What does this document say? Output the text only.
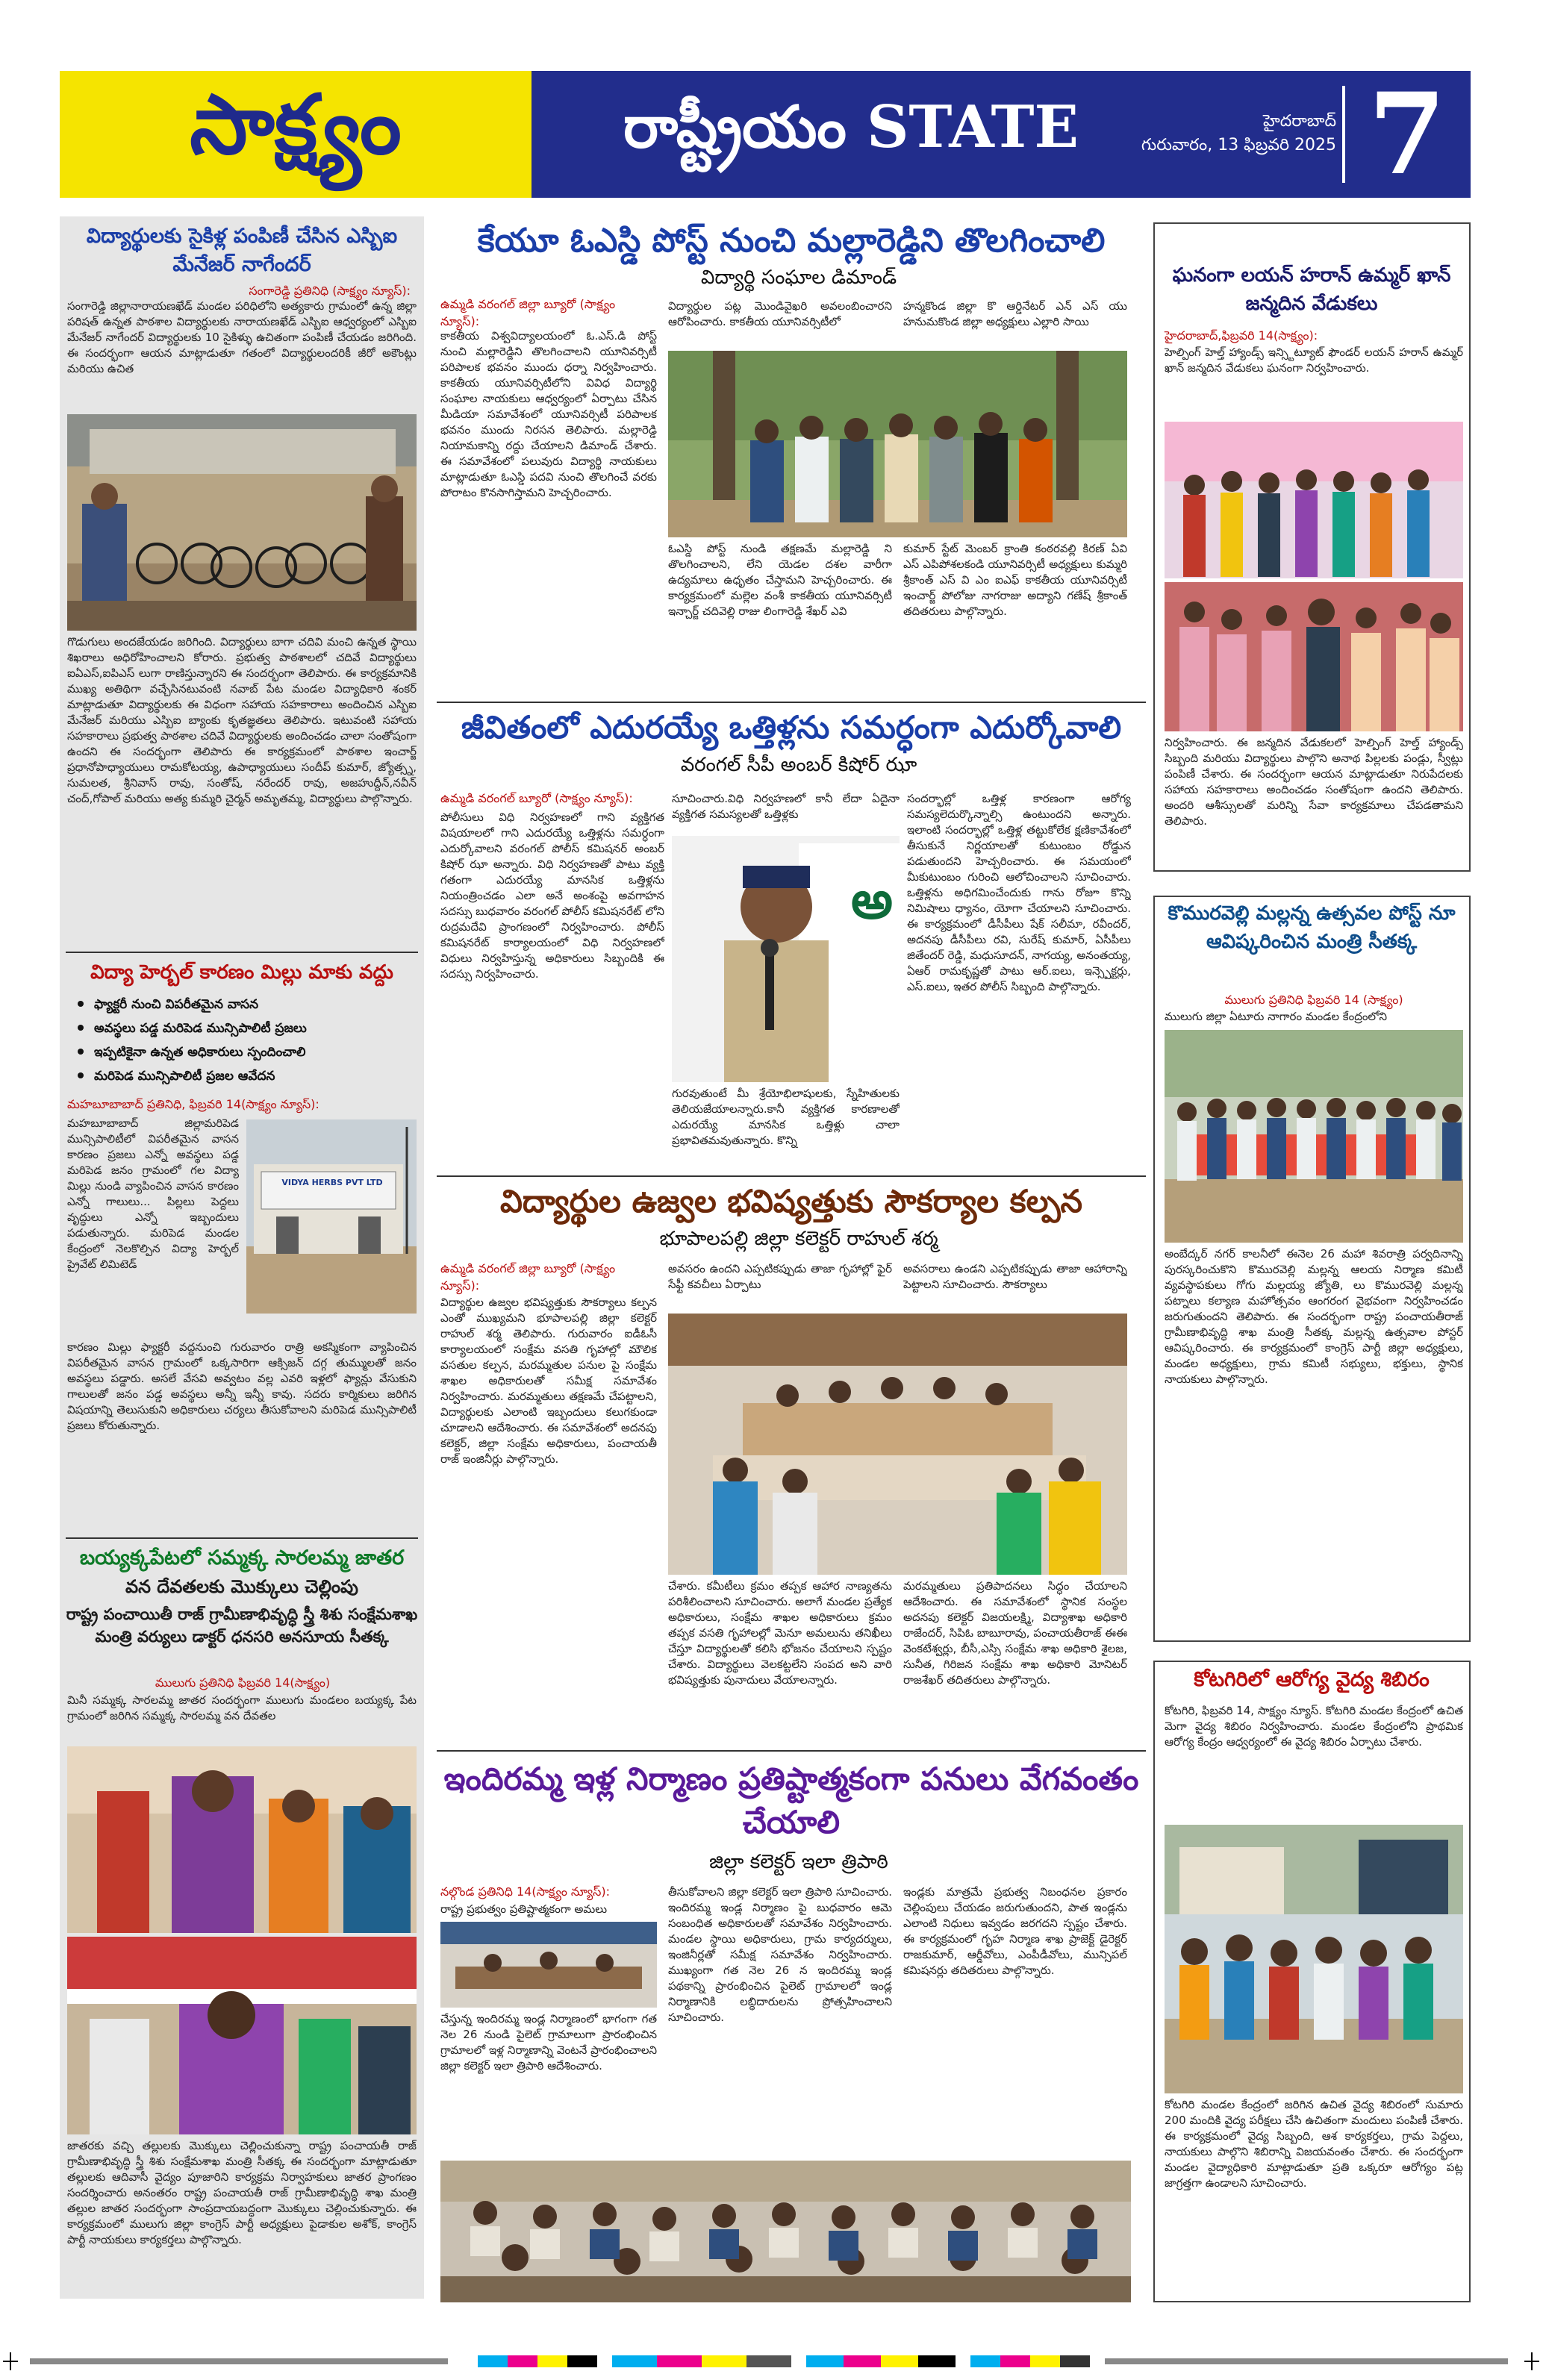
సాక్ష్యం	రాష్ట్రీయం STATE	హైదరాబాద్
గురువారం, 13 ఫిబ్రవరి 2025 7
విద్యార్థులకు సైకిళ్ల పంపిణీ చేసిన ఎస్బిఐ మేనేజర్ నాగేందర్
సంగారెడ్డి ప్రతినిధి (సాక్ష్యం న్యూస్):
సంగారెడ్డి జిల్లానారాయణఖేడ్ మండల పరిధిలోని అత్యకారు గ్రామంలో ఉన్న జిల్లా పరిషత్ ఉన్నత పాఠశాల విద్యార్థులకు నారాయణఖేడ్ ఎస్బిఐ ఆధ్వర్యంలో ఎస్బిఐ మేనేజర్ నాగేందర్ విద్యార్థులకు 10 సైకిళ్ళు ఉచితంగా పంపిణీ చేయడం జరిగింది. ఈ సందర్భంగా ఆయన మాట్లాడుతూ గతంలో విద్యార్థులందరికీ జీరో అకౌంట్లు మరియు ఉచిత
గొడుగులు అందజేయడం జరిగింది. విద్యార్థులు బాగా చదివి మంచి ఉన్నత స్థాయి శిఖరాలు అధిరోహించాలని కోరారు. ప్రభుత్వ పాఠశాలలో చదివే విద్యార్థులు ఐఏఎస్,ఐపిఎస్ లుగా రాణిస్తున్నారని ఈ సందర్భంగా తెలిపారు. ఈ కార్యక్రమానికి ముఖ్య అతిథిగా వచ్చేసినటువంటి నవాబ్ పేట మండల విద్యాధికారి శంకర్ మాట్లాడుతూ విద్యార్థులకు ఈ విధంగా సహాయ సహకారాలు అందించిన ఎస్బిఐ మేనేజర్ మరియు ఎస్బిఐ బ్యాంకు కృతజ్ఞతలు తెలిపారు. ఇటువంటి సహాయ సహకారాలు ప్రభుత్వ పాఠశాల చదివే విద్యార్థులకు అందించడం చాలా సంతోషంగా ఉందని ఈ సందర్భంగా తెలిపారు ఈ కార్యక్రమంలో పాఠశాల ఇంచార్జ్ ప్రధానోపాధ్యాయులు రామకోటయ్య, ఉపాధ్యాయులు సందీప్ కుమార్, జ్యోత్స్న, సుమలత, శ్రీనివాస్ రావు, సంతోష్, నరేందర్ రావు, అజహుద్దీన్,నవీన్ చంద్,గోపాల్ మరియు అత్య కుమ్మరి చైర్మన్ అమృతమ్మ, విద్యార్థులు పాల్గొన్నారు.
విద్యా హెర్బల్ కారణం మిల్లు మాకు వద్దు
ఫ్యాక్టరీ నుంచి విపరీతమైన వాసన
అవస్థలు పడ్డ మరిపెడ మున్సిపాలిటీ ప్రజలు
ఇప్పటికైనా ఉన్నత అధికారులు స్పందించాలి
మరిపెడ మున్సిపాలిటీ ప్రజల ఆవేదన
మహబూబాబాద్ ప్రతినిధి, ఫిబ్రవరి 14(సాక్ష్యం న్యూస్):
మహబూబాబాద్ జిల్లామరిపెడ మున్సిపాలిటీలో విపరీతమైన వాసన కారణం ప్రజలు ఎన్నో అవస్థలు పడ్డ మరిపెడ జనం గ్రామంలో గల విద్యా మిల్లు నుండి వ్యాపించిన వాసన కారణం ఎన్నో గాలులు... పిల్లలు పెద్దలు వృద్ధులు ఎన్నో ఇబ్బందులు పడుతున్నారు. మరిపెడ మండల కేంద్రంలో నెలకొల్పిన విద్యా హెర్బల్ ప్రైవేట్ లిమిటెడ్
VIDYA HERBS PVT LTD
కారణం మిల్లు ఫ్యాక్టరీ వద్దనుంచి గురువారం రాత్రి అకస్మికంగా వ్యాపించిన విపరీతమైన వాసన గ్రామంలో ఒక్కసారిగా ఆక్సిజన్ దగ్గ తుమ్ములతో జనం అవస్థలు పడ్డారు. అసలే వేసవి అవ్వటం వల్ల ఎవరి ఇళ్లలో ఫ్యాన్లు వేసుకుని గాలులతో జనం పడ్డ అవస్థలు అన్నీ ఇన్నీ కావు. సదరు కార్మికులు జరిగిన విషయాన్ని తెలుసుకుని అధికారులు చర్యలు తీసుకోవాలని మరిపెడ మున్సిపాలిటీ ప్రజలు కోరుతున్నారు.
బయ్యక్కపేటలో సమ్మక్క సారలమ్మ జాతర
వన దేవతలకు మొక్కులు చెల్లింపు
రాష్ట్ర పంచాయితీ రాజ్ గ్రామీణాభివృద్ధి స్త్రీ శిశు సంక్షేమశాఖ మంత్రి వర్యులు డాక్టర్ ధనసరి అనసూయ సీతక్క
ములుగు ప్రతినిధి ఫిబ్రవరి 14(సాక్ష్యం)
మినీ సమ్మక్క సారలమ్మ జాతర సందర్భంగా ములుగు మండలం బయ్యక్క పేట గ్రామంలో జరిగిన సమ్మక్క సారలమ్మ వన దేవతల
జాతరకు వచ్చి తల్లులకు మొక్కులు చెల్లించుకున్నా రాష్ట్ర పంచాయతీ రాజ్ గ్రామీణాభివృద్ధి స్త్రీ శిశు సంక్షేమశాఖ మంత్రి సీతక్క ఈ సందర్భంగా మాట్లాడుతూ తల్లులకు ఆదివాసీ వైద్యం పూజారిని కార్యక్రమ నిర్వాహకులు జాతర ప్రాంగణం సందర్శించారు అనంతరం రాష్ట్ర పంచాయతీ రాజ్ గ్రామీణాభివృద్ధి శాఖ మంత్రి తల్లుల జాతర సందర్భంగా సాంప్రదాయబద్ధంగా మొక్కులు చెల్లించుకున్నారు. ఈ కార్యక్రమంలో ములుగు జిల్లా కాంగ్రెస్ పార్టీ అధ్యక్షులు పైడాకుల అశోక్, కాంగ్రెస్ పార్టీ నాయకులు కార్యకర్తలు పాల్గొన్నారు.
కేయూ ఓఎస్డి పోస్ట్ నుంచి మల్లారెడ్డిని తొలగించాలి
విద్యార్థి సంఘాల డిమాండ్
ఉమ్మడి వరంగల్ జిల్లా బ్యూరో (సాక్ష్యం న్యూస్):
కాకతీయ విశ్వవిద్యాలయంలో ఓ.ఎస్.డి పోస్ట్ నుంచి మల్లారెడ్డిని తొలగించాలని యూనివర్సిటీ పరిపాలక భవనం ముందు ధర్నా నిర్వహించారు. కాకతీయ యూనివర్సిటీలోని వివిధ విద్యార్థి సంఘాల నాయకులు ఆధ్వర్యంలో ఏర్పాటు చేసిన మీడియా సమావేశంలో యూనివర్సిటీ పరిపాలక భవనం ముందు నిరసన తెలిపారు. మల్లారెడ్డి నియామకాన్ని రద్దు చేయాలని డిమాండ్ చేశారు. ఈ సమావేశంలో పలువురు విద్యార్థి నాయకులు మాట్లాడుతూ ఓఎస్డి పదవి నుంచి తొలగించే వరకు పోరాటం కొనసాగిస్తామని హెచ్చరించారు.
విద్యార్థుల పట్ల మొండివైఖరి అవలంబించారని ఆరోపించారు. కాకతీయ యూనివర్సిటీలో
హన్మకొండ జిల్లా కొ ఆర్డినేటర్ ఎన్ ఎస్ యు హనుమకొండ జిల్లా అధ్యక్షులు ఎల్లారి సాయి
ఓఎస్డి పోస్ట్ నుండి తక్షణమే మల్లారెడ్డి ని తొలగించాలని, లేని యెడల దశల వారీగా ఉద్యమాలు ఉధృతం చేస్తామని హెచ్చరించారు. ఈ కార్యక్రమంలో మల్లెల వంశీ కాకతీయ యూనివర్సిటీ ఇన్చార్జ్ చదివెల్లి రాజు లింగారెడ్డి శేఖర్ ఎవి
కుమార్ స్టేట్ మెంబర్ క్రాంతి కంఠరవల్లి కిరణ్ ఏవి ఎస్ ఎపిపోశలకండి యూనివర్సిటీ అధ్యక్షులు కుమ్మరి శ్రీకాంత్ ఎస్ వి ఎం ఐఎఫ్ కాకతీయ యూనివర్సిటీ ఇంచార్జ్ పోలోజు నాగరాజు అద్యాని గణేష్ శ్రీకాంత్ తదితరులు పాల్గొన్నారు.
జీవితంలో ఎదురయ్యే ఒత్తిళ్లను సమర్ధంగా ఎదుర్కోవాలి
వరంగల్ సీపీ అంబర్ కిషోర్ ఝా
ఉమ్మడి వరంగల్ బ్యూరో (సాక్ష్యం న్యూస్):
పోలీసులు విధి నిర్వహణలో గాని వ్యక్తిగత విషయాలలో గాని ఎదురయ్యే ఒత్తిళ్లను సమర్ధంగా ఎదుర్కోవాలని వరంగల్ పోలీస్ కమిషనర్ అంబర్ కిషోర్ ఝా అన్నారు. విధి నిర్వహణతో పాటు వ్యక్తి గతంగా ఎదురయ్యే మానసిక ఒత్తిళ్లను నియంత్రించడం ఎలా అనే అంశంపై అవగాహన సదస్సు బుధవారం వరంగల్ పోలీస్ కమిషనరేట్ లోని రుద్రమదేవి ప్రాంగణంలో నిర్వహించారు. పోలీస్ కమిషనరేట్ కార్యాలయంలో విధి నిర్వహణలో విధులు నిర్వహిస్తున్న అధికారులు సిబ్బందికి ఈ సదస్సు నిర్వహించారు.
సూచించారు.విధి నిర్వహణలో కానీ లేదా ఏదైనా వ్యక్తిగత సమస్యలతో ఒత్తిళ్లకు
అ
గురవుతుంటే మీ శ్రేయోభిలాషులకు, స్నేహితులకు తెలియజేయాలన్నారు.కానీ వ్యక్తిగత కారణాలతో ఎదురయ్యే మానసిక ఒత్తిళ్లు చాలా ప్రభావితమవుతున్నారు. కొన్ని
సందర్భాల్లో ఒత్తిళ్ల కారణంగా ఆరోగ్య సమస్యలెదుర్కొన్నాల్సి ఉంటుందని అన్నారు. ఇలాంటి సందర్భాల్లో ఒత్తిళ్ల తట్టుకోలేక క్షణికావేశంలో తీసుకునే నిర్ణయాలతో కుటుంబం రోడ్డున పడుతుందని హెచ్చరించారు. ఈ సమయంలో మీకుటుంబం గురించి ఆలోచించాలని సూచించారు. ఒత్తిళ్లను అధిగమించేందుకు గాను రోజూ కొన్ని నిమిషాలు ధ్యానం, యోగా చేయాలని సూచించారు. ఈ కార్యక్రమంలో డీసీపీలు షేక్ సలీమా, రవీందర్, అదనపు డీసీపీలు రవి, సురేష్ కుమార్, ఏసీపీలు జితేందర్ రెడ్డి, మధుసూదన్, నాగయ్య, అనంతయ్య, ఏఆర్ రామకృష్ణతో పాటు ఆర్.ఐలు, ఇన్స్పెక్టర్లు, ఎస్.ఐలు, ఇతర పోలీస్ సిబ్బంది పాల్గొన్నారు.
విద్యార్థుల ఉజ్వల భవిష్యత్తుకు సౌకర్యాల కల్పన
భూపాలపల్లి జిల్లా కలెక్టర్ రాహుల్ శర్మ
ఉమ్మడి వరంగల్ జిల్లా బ్యూరో (సాక్ష్యం న్యూస్):
విద్యార్థుల ఉజ్వల భవిష్యత్తుకు సౌకర్యాలు కల్పన ఎంతో ముఖ్యమని భూపాలపల్లి జిల్లా కలెక్టర్ రాహుల్ శర్మ తెలిపారు. గురువారం ఐడీఓసీ కార్యాలయంలో సంక్షేమ వసతి గృహాల్లో మౌలిక వసతుల కల్పన, మరమ్మతుల పనుల పై సంక్షేమ శాఖల అధికారులతో సమీక్ష సమావేశం నిర్వహించారు. మరమ్మతులు తక్షణమే చేపట్టాలని, విద్యార్థులకు ఎలాంటి ఇబ్బందులు కలుగకుండా చూడాలని ఆదేశించారు. ఈ సమావేశంలో అదనపు కలెక్టర్, జిల్లా సంక్షేమ అధికారులు, పంచాయతీ రాజ్ ఇంజినీర్లు పాల్గొన్నారు.
అవసరం ఉందని ఎప్పటికప్పుడు తాజా గృహాల్లో ఫైర్ సేఫ్టీ కవచీలు ఏర్పాటు
అవసరాలు ఉండని ఎప్పటికప్పుడు తాజా ఆహారాన్ని పెట్టాలని సూచించారు. సౌకర్యాలు
చేశారు. కమీటీలు క్రమం తప్పక ఆహార నాణ్యతను పరిశీలించాలని సూచించారు. అలాగే మండల ప్రత్యేక అధికారులు, సంక్షేమ శాఖల అధికారులు క్రమం తప్పక వసతి గృహాలల్లో మెనూ అమలును తనిఖీలు చేస్తూ విద్యార్థులతో కలిసి భోజనం చేయాలని స్పష్టం చేశారు. విద్యార్థులు వెలకట్టలేని సంపద అని వారి భవిష్యత్తుకు పునాదులు వేయాలన్నారు.
మరమ్మతులు ప్రతిపాదనలు సిద్ధం చేయాలని ఆదేశించారు. ఈ సమావేశంలో స్థానిక సంస్థల అదనపు కలెక్టర్ విజయలక్ష్మి, విద్యాశాఖ అధికారి రాజేందర్, సిపిఓ బాబూరావు, పంచాయతీరాజ్ ఈఈ వెంకటేశ్వర్లు, బీసీ,ఎస్సి సంక్షేమ శాఖ అధికారి శైలజ, సునీత, గిరిజన సంక్షేమ శాఖ అధికారి మోనిటర్ రాజశేఖర్ తదితరులు పాల్గొన్నారు.
ఇందిరమ్మ ఇళ్ల నిర్మాణం ప్రతిష్టాత్మకంగా పనులు వేగవంతం చేయాలి
జిల్లా కలెక్టర్ ఇలా త్రిపాఠి
నల్గొండ ప్రతినిధి 14(సాక్ష్యం న్యూస్):
రాష్ట్ర ప్రభుత్వం ప్రతిష్టాత్మకంగా అమలు
చేస్తున్న ఇందిరమ్మ ఇండ్ల నిర్మాణంలో భాగంగా గత నెల 26 నుండి పైలెట్ గ్రామాలుగా ప్రారంభించిన గ్రామాలలో ఇళ్ల నిర్మాణాన్ని వెంటనే ప్రారంభించాలని జిల్లా కలెక్టర్ ఇలా త్రిపాఠి ఆదేశించారు.
తీసుకోవాలని జిల్లా కలెక్టర్ ఇలా త్రిపాఠి సూచించారు. ఇందిరమ్మ ఇండ్ల నిర్మాణం పై బుధవారం ఆమె సంబంధిత అధికారులతో సమావేశం నిర్వహించారు. మండల స్థాయి అధికారులు, గ్రామ కార్యదర్శులు, ఇంజినీర్లతో సమీక్ష సమావేశం నిర్వహించారు. ముఖ్యంగా గత నెల 26 న ఇందిరమ్మ ఇండ్ల పథకాన్ని ప్రారంభించిన పైలెట్ గ్రామాలలో ఇండ్ల నిర్మాణానికి లబ్ధిదారులను ప్రోత్సహించాలని సూచించారు.
ఇండ్లకు మాత్రమే ప్రభుత్వ నిబంధనల ప్రకారం చెల్లింపులు చేయడం జరుగుతుందని, పాత ఇండ్లను ఎలాంటి నిధులు ఇవ్వడం జరగదని స్పష్టం చేశారు. ఈ కార్యక్రమంలో గృహ నిర్మాణ శాఖ ప్రాజెక్ట్ డైరెక్టర్ రాజకుమార్, ఆర్డీవోలు, ఎంపీడీవోలు, మున్సిపల్ కమిషనర్లు తదితరులు పాల్గొన్నారు.
ఘనంగా లయన్ హరాన్ ఉమ్మర్ ఖాన్ జన్మదిన వేడుకలు
హైదరాబాద్,ఫిబ్రవరి 14(సాక్ష్యం):
హెల్పింగ్ హెల్త్ హ్యాండ్స్ ఇన్స్టిట్యూట్ ఫౌండర్ లయన్ హరాన్ ఉమ్మర్ ఖాన్ జన్మదిన వేడుకలు ఘనంగా నిర్వహించారు.
నిర్వహించారు. ఈ జన్మదిన వేడుకలలో హెల్పింగ్ హెల్త్ హ్యాండ్స్ సిబ్బంది మరియు విద్యార్థులు పాల్గొని అనాథ పిల్లలకు పండ్లు, స్వీట్లు పంపిణీ చేశారు. ఈ సందర్భంగా ఆయన మాట్లాడుతూ నిరుపేదలకు సహాయ సహకారాలు అందించడం సంతోషంగా ఉందని తెలిపారు. అందరి ఆశీస్సులతో మరిన్ని సేవా కార్యక్రమాలు చేపడతామని తెలిపారు.
కొమురవెల్లి మల్లన్న ఉత్సవల పోస్ట్ నూ ఆవిష్కరించిన మంత్రి సీతక్క
ములుగు ప్రతినిధి ఫిబ్రవరి 14 (సాక్ష్యం)
ములుగు జిల్లా ఏటూరు నాగారం మండల కేంద్రంలోని
అంబేద్కర్ నగర్ కాలనీలో ఈనెల 26 మహా శివరాత్రి పర్వదినాన్ని పురస్కరించుకొని కొమురవెల్లి మల్లన్న ఆలయ నిర్మాణ కమిటీ వ్యవస్థాపకులు గోగు మల్లయ్య జ్యోతి, లు కొమురవెల్లి మల్లన్న పట్నాలు కల్యాణ మహోత్సవం ఆంగరంగ వైభవంగా నిర్వహించడం జరుగుతుందని తెలిపారు. ఈ సందర్భంగా రాష్ట్ర పంచాయతీరాజ్ గ్రామీణాభివృద్ధి శాఖ మంత్రి సీతక్క మల్లన్న ఉత్సవాల పోస్టర్ ఆవిష్కరించారు. ఈ కార్యక్రమంలో కాంగ్రెస్ పార్టీ జిల్లా అధ్యక్షులు, మండల అధ్యక్షులు, గ్రామ కమిటీ సభ్యులు, భక్తులు, స్థానిక నాయకులు పాల్గొన్నారు.
కోటగిరిలో ఆరోగ్య వైద్య శిబిరం
కోటగిరి, ఫిబ్రవరి 14, సాక్ష్యం న్యూస్. కోటగిరి మండల కేంద్రంలో ఉచిత మెగా వైద్య శిబిరం నిర్వహించారు. మండల కేంద్రంలోని ప్రాథమిక ఆరోగ్య కేంద్రం ఆధ్వర్యంలో ఈ వైద్య శిబిరం ఏర్పాటు చేశారు.
కోటగిరి మండల కేంద్రంలో జరిగిన ఉచిత వైద్య శిబిరంలో సుమారు 200 మందికి వైద్య పరీక్షలు చేసి ఉచితంగా మందులు పంపిణీ చేశారు. ఈ కార్యక్రమంలో వైద్య సిబ్బంది, ఆశ కార్యకర్తలు, గ్రామ పెద్దలు, నాయకులు పాల్గొని శిబిరాన్ని విజయవంతం చేశారు. ఈ సందర్భంగా మండల వైద్యాధికారి మాట్లాడుతూ ప్రతి ఒక్కరూ ఆరోగ్యం పట్ల జాగ్రత్తగా ఉండాలని సూచించారు.
